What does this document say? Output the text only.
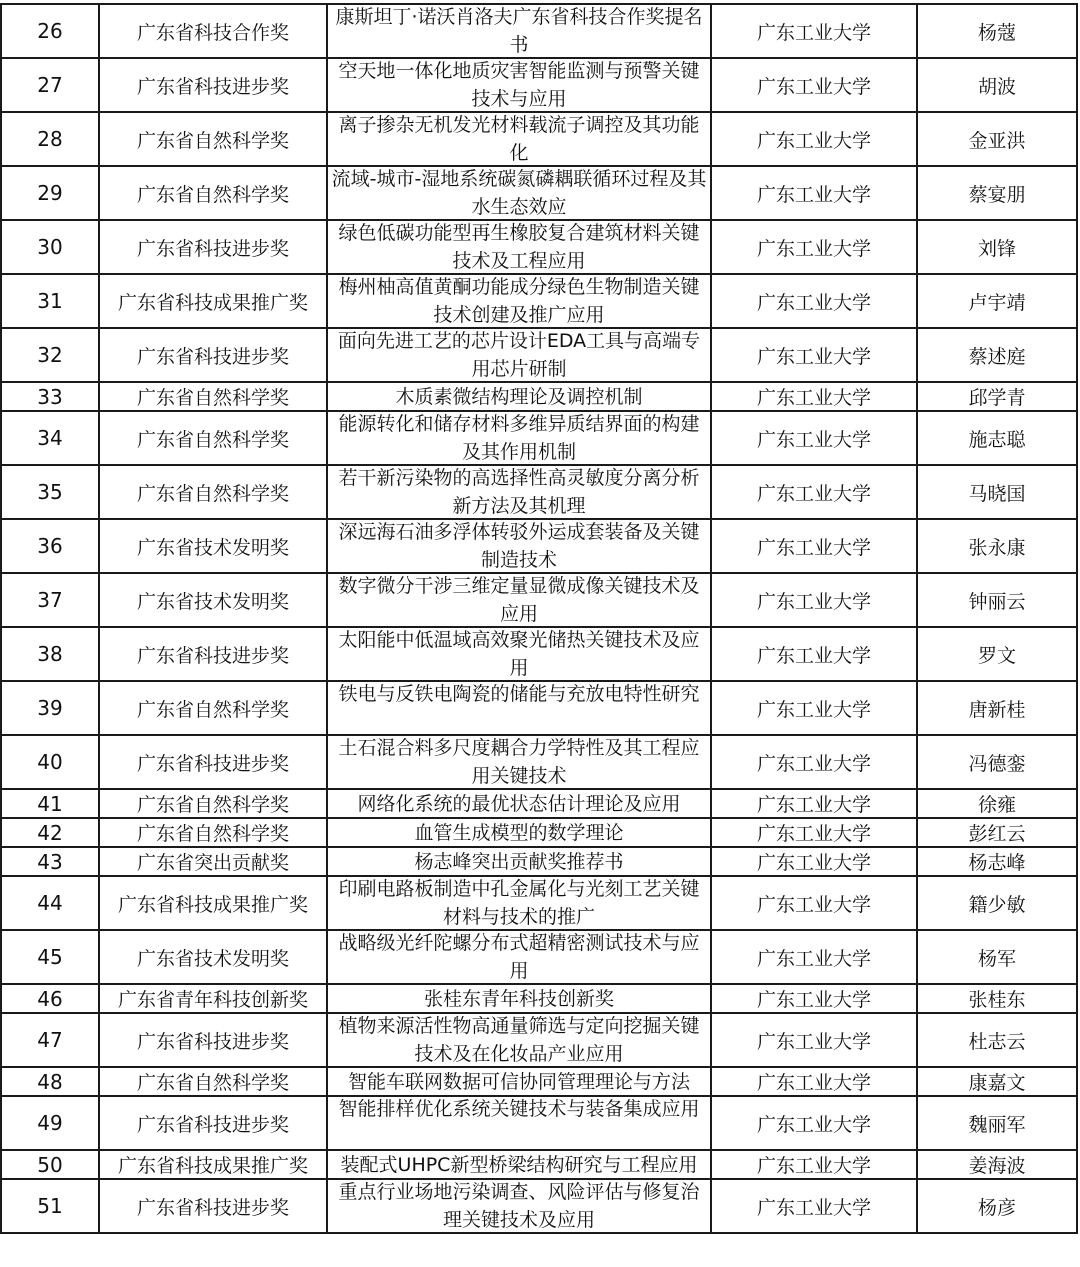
26	广东省科技合作奖	康斯坦丁·诺沃肖洛夫广东省科技合作奖提名书	广东工业大学	杨蔻
27	广东省科技进步奖	空天地一体化地质灾害智能监测与预警关键技术与应用	广东工业大学	胡波
28	广东省自然科学奖	离子掺杂无机发光材料载流子调控及其功能化	广东工业大学	金亚洪
29	广东省自然科学奖	流域-城市-湿地系统碳氮磷耦联循环过程及其水生态效应	广东工业大学	蔡宴朋
30	广东省科技进步奖	绿色低碳功能型再生橡胶复合建筑材料关键技术及工程应用	广东工业大学	刘锋
31	广东省科技成果推广奖	梅州柚高值黄酮功能成分绿色生物制造关键技术创建及推广应用	广东工业大学	卢宇靖
32	广东省科技进步奖	面向先进工艺的芯片设计EDA工具与高端专用芯片研制	广东工业大学	蔡述庭
33	广东省自然科学奖	木质素微结构理论及调控机制	广东工业大学	邱学青
34	广东省自然科学奖	能源转化和储存材料多维异质结界面的构建及其作用机制	广东工业大学	施志聪
35	广东省自然科学奖	若干新污染物的高选择性高灵敏度分离分析新方法及其机理	广东工业大学	马晓国
36	广东省技术发明奖	深远海石油多浮体转驳外运成套装备及关键制造技术	广东工业大学	张永康
37	广东省技术发明奖	数字微分干涉三维定量显微成像关键技术及应用	广东工业大学	钟丽云
38	广东省科技进步奖	太阳能中低温域高效聚光储热关键技术及应用	广东工业大学	罗文
39	广东省自然科学奖	铁电与反铁电陶瓷的储能与充放电特性研究	广东工业大学	唐新桂
40	广东省科技进步奖	土石混合料多尺度耦合力学特性及其工程应用关键技术	广东工业大学	冯德銮
41	广东省自然科学奖	网络化系统的最优状态估计理论及应用	广东工业大学	徐雍
42	广东省自然科学奖	血管生成模型的数学理论	广东工业大学	彭红云
43	广东省突出贡献奖	杨志峰突出贡献奖推荐书	广东工业大学	杨志峰
44	广东省科技成果推广奖	印刷电路板制造中孔金属化与光刻工艺关键材料与技术的推广	广东工业大学	籍少敏
45	广东省技术发明奖	战略级光纤陀螺分布式超精密测试技术与应用	广东工业大学	杨军
46	广东省青年科技创新奖	张桂东青年科技创新奖	广东工业大学	张桂东
47	广东省科技进步奖	植物来源活性物高通量筛选与定向挖掘关键技术及在化妆品产业应用	广东工业大学	杜志云
48	广东省自然科学奖	智能车联网数据可信协同管理理论与方法	广东工业大学	康嘉文
49	广东省科技进步奖	智能排样优化系统关键技术与装备集成应用	广东工业大学	魏丽军
50	广东省科技成果推广奖	装配式UHPC新型桥梁结构研究与工程应用	广东工业大学	姜海波
51	广东省科技进步奖	重点行业场地污染调查、风险评估与修复治理关键技术及应用	广东工业大学	杨彦
